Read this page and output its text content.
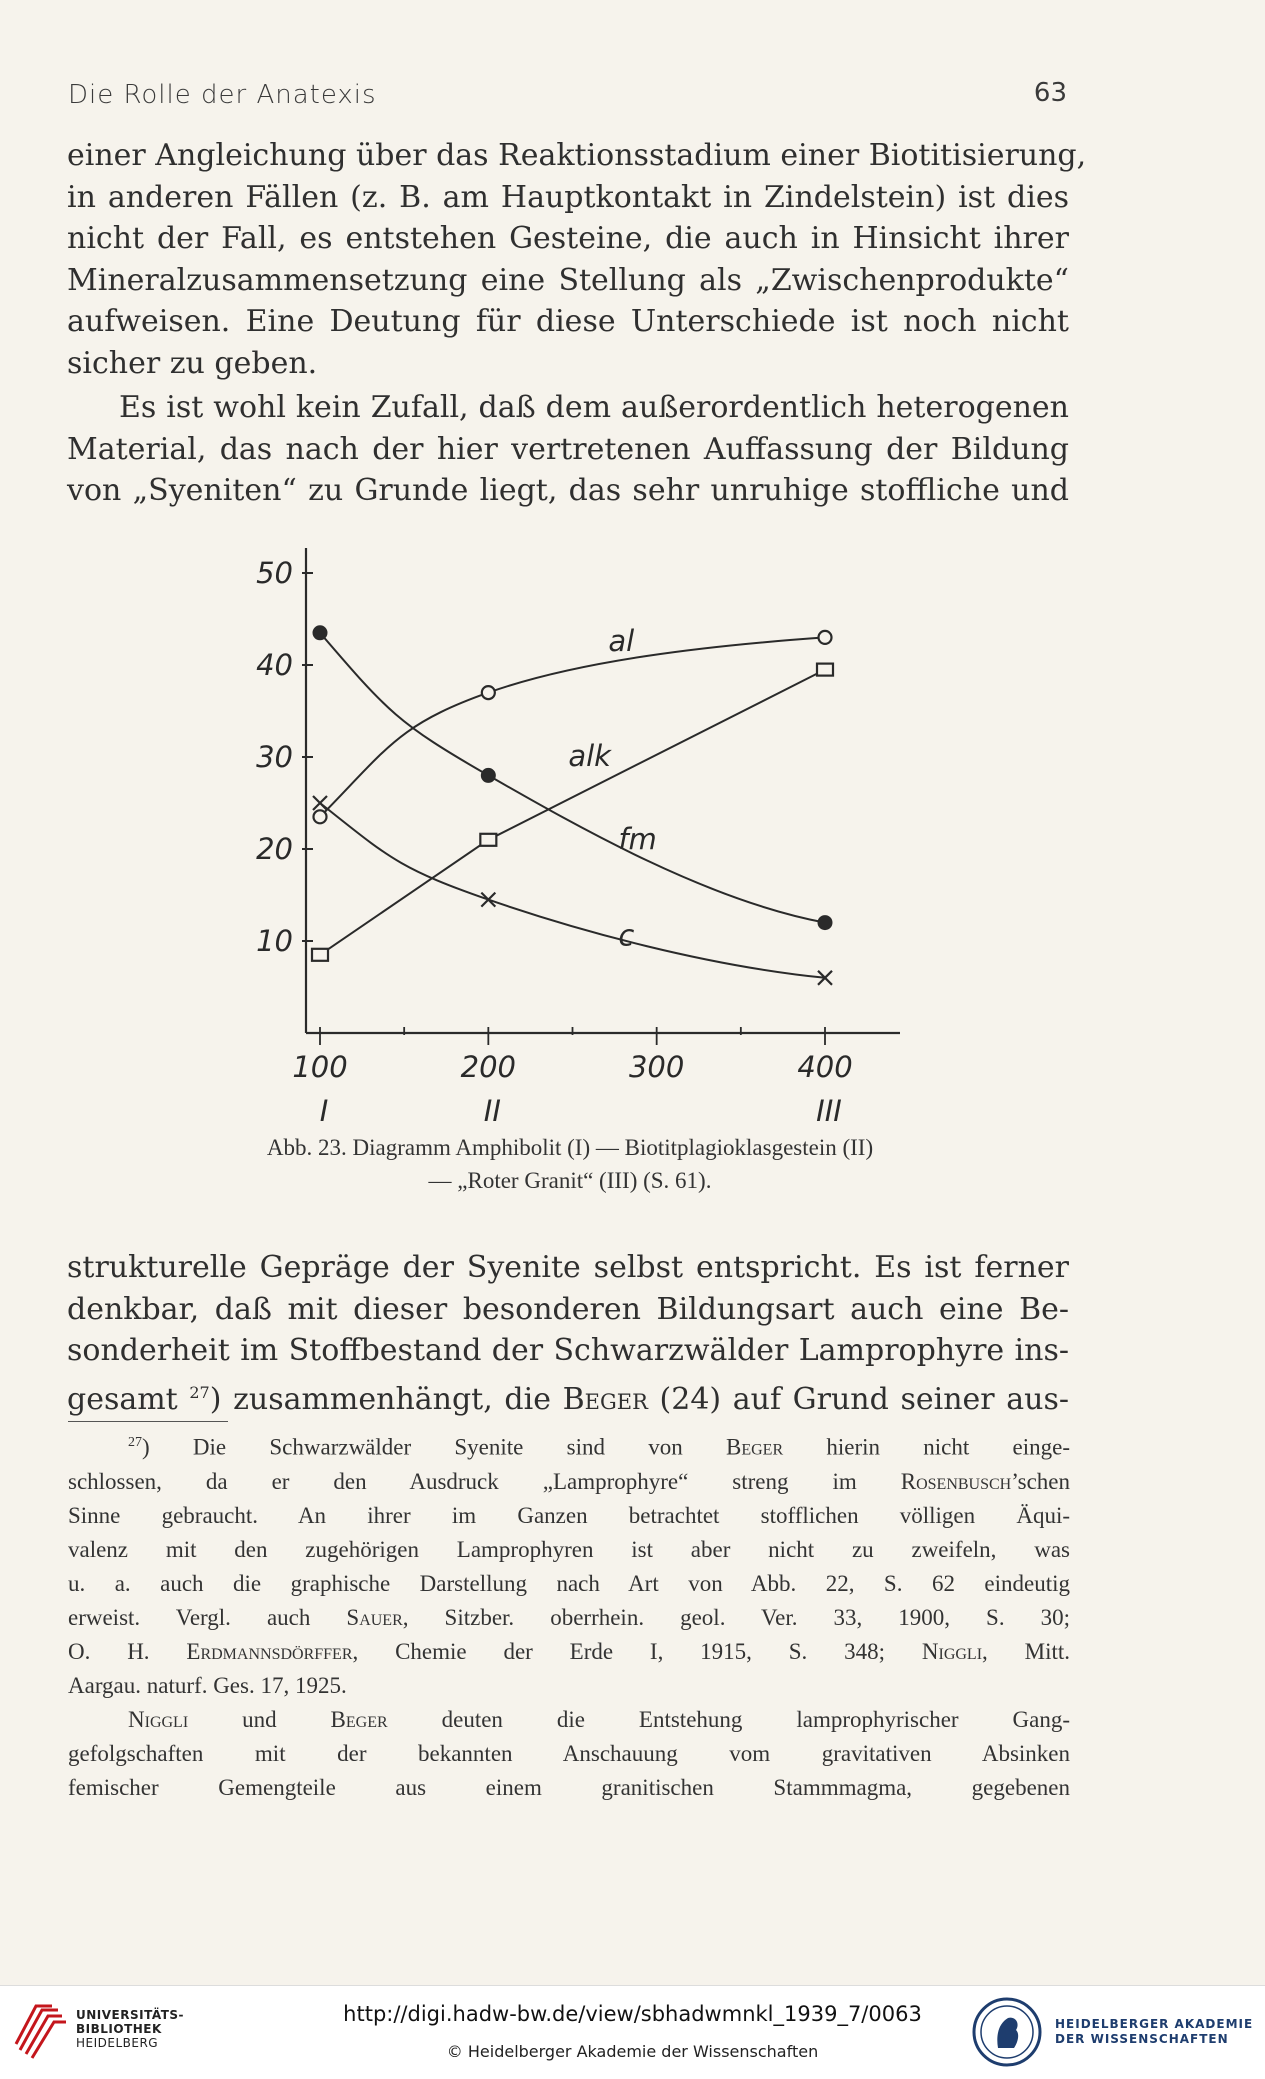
Die Rolle der Anatexis	63
einer Angleichung über das Reaktionsstadium einer Biotitisierung,
in anderen Fällen (z. B. am Hauptkontakt in Zindelstein) ist dies
nicht der Fall, es entstehen Gesteine, die auch in Hinsicht ihrer
Mineralzusammensetzung eine Stellung als „Zwischenprodukte“
aufweisen. Eine Deutung für diese Unterschiede ist noch nicht
sicher zu geben.
Es ist wohl kein Zufall, daß dem außerordentlich heterogenen
Material, das nach der hier vertretenen Auffassung der Bildung
von „Syeniten“ zu Grunde liegt, das sehr unruhige stoffliche und
10
20
30
40
50
100	200	300	400
I	II	III
al
alk
fm
c
Abb. 23. Diagramm Amphibolit (I) — Biotitplagioklasgestein (II)
— „Roter Granit“ (III) (S. 61).
strukturelle Gepräge der Syenite selbst entspricht. Es ist ferner
denkbar, daß mit dieser besonderen Bildungsart auch eine Be-
sonderheit im Stoffbestand der Schwarzwälder Lamprophyre ins-
gesamt $^{27}$) zusammenhängt, die Beger (24) auf Grund seiner aus-
$^{27}$) Die Schwarzwälder Syenite sind von Beger hierin nicht einge-
schlossen, da er den Ausdruck „Lamprophyre“ streng im Rosenbusch’schen
Sinne gebraucht. An ihrer im Ganzen betrachtet stofflichen völligen Äqui-
valenz mit den zugehörigen Lamprophyren ist aber nicht zu zweifeln, was
u. a. auch die graphische Darstellung nach Art von Abb. 22, S. 62 eindeutig
erweist. Vergl. auch Sauer, Sitzber. oberrhein. geol. Ver. 33, 1900, S. 30;
O. H. Erdmannsdörffer, Chemie der Erde I, 1915, S. 348; Niggli, Mitt.
Aargau. naturf. Ges. 17, 1925.
Niggli und Beger deuten die Entstehung lamprophyrischer Gang-
gefolgschaften mit der bekannten Anschauung vom gravitativen Absinken
femischer Gemengteile aus einem granitischen Stammmagma, gegebenen
UNIVERSITÄTS-
BIBLIOTHEK
HEIDELBERG
http://digi.hadw-bw.de/view/sbhadwmnkl_1939_7/0063
© Heidelberger Akademie der Wissenschaften
HEIDELBERGER AKADEMIE
DER WISSENSCHAFTEN
